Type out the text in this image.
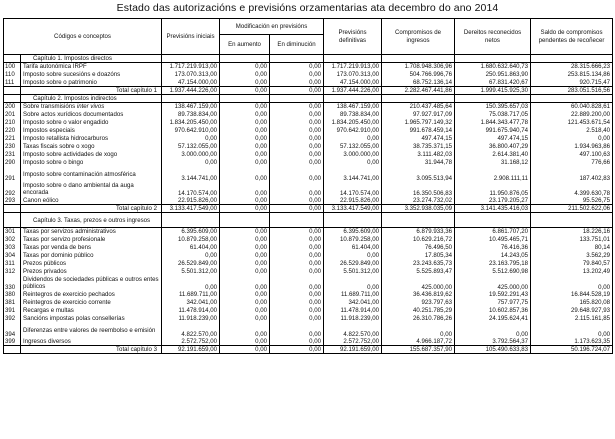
Estado das autorizacións e previsións orzamentarias ata decembro do ano 2014
Códigos e conceptos		Previsións iniciais	Modificación en previsións		Previsións definitivas	Compromisos de ingresos	Dereitos reconecidos netos	Saldo de compromisos pendentes de recoñecer
			En aumento	En diminución				
	Capítulo 1. Impostos directos							
100	Tarifa autonómica IRPF	1.717.219.913,00	0,00	0,00	1.717.219.913,00	1.708.948.306,96	1.680.632.640,73	28.315.666,23
110	Imposto sobre sucesións e doazóns	173.070.313,00	0,00	0,00	173.070.313,00	504.766.996,76	250.951.863,90	253.815.134,86
111	Imposto sobre o patrimonio	47.154.000,00	0,00	0,00	47.154.000,00	68.752.136,14	67.831.420,67	920.715,47
	Total capítulo 1	1.937.444.226,00	0,00	0,00	1.937.444.226,00	2.282.467.441,86	1.999.415.925,30	283.051.516,56
	Capítulo 2. Impostos indirectos							
200	Sobre transmisións inter vivos	138.467.159,00	0,00	0,00	138.467.159,00	210.437.485,64	150.395.657,03	60.040.828,61
201	Sobre actos xurídicos documentados	89.738.834,00	0,00	0,00	89.738.834,00	97.927.917,09	75.038.717,05	22.889.200,00
210	Imposto sobre o valor engadido	1.834.205.450,00	0,00	0,00	1.834.205.450,00	1.965.797.149,32	1.844.343.477,78	121.453.671,54
220	Impostos especiais	970.642.910,00	0,00	0,00	970.642.910,00	991.678.459,14	991.675.940,74	2.518,40
221	Imposto retallista hidrocarburos	0,00	0,00	0,00	0,00	497.474,15	497.474,15	0,00
230	Taxas fiscais sobre o xogo	57.132.055,00	0,00	0,00	57.132.055,00	38.735.371,15	36.800.407,29	1.934.963,86
231	Imposto sobre actividades de xogo	3.000.000,00	0,00	0,00	3.000.000,00	3.111.482,03	2.614.381,40	497.100,63
290	Imposto sobre o bingo	0,00	0,00	0,00	0,00	31.944,78	31.168,12	776,66
291	Imposto sobre contaminación atmosférica	3.144.741,00	0,00	0,00	3.144.741,00	3.095.513,94	2.908.111,11	187.402,83
292	Imposto sobre o dano ambiental da auga encorada	14.170.574,00	0,00	0,00	14.170.574,00	16.350.506,83	11.950.876,05	4.399.630,78
293	Canon eólico	22.915.826,00	0,00	0,00	22.915.826,00	23.274.732,02	23.179.205,27	95.526,75
	Total capítulo 2	3.133.417.549,00	0,00	0,00	3.133.417.549,00	3.352.938.035,09	3.141.435.416,03	211.502.622,06
	Capítulo 3. Taxas, prezos e outros ingresos							
301	Taxas por servizos administrativos	6.395.609,00	0,00	0,00	6.395.609,00	6.879.933,36	6.861.707,20	18.226,16
302	Taxas por servizo profesionale	10.879.258,00	0,00	0,00	10.879.258,00	10.629.216,72	10.495.465,71	133.751,01
303	Taxas por venda de bens	61.404,00	0,00	0,00	61.404,00	76.496,50	76.416,36	80,14
304	Taxas por dominio público	0,00	0,00	0,00	0,00	17.805,34	14.243,05	3.562,29
311	Prezos públicos	26.529.849,00	0,00	0,00	26.529.849,00	23.243.635,73	23.163.795,18	79.840,57
312	Prezos privados	5.501.312,00	0,00	0,00	5.501.312,00	5.525.893,47	5.512.690,98	13.202,49
330	Dividendos de sociedades públicas e outros entes públicos	0,00	0,00	0,00	0,00	425.000,00	425.000,00	0,00
380	Reintegros de exercicio pechados	11.689.711,00	0,00	0,00	11.689.711,00	36.436.819,62	19.592.291,43	16.844.528,19
381	Reintegros de exercicio corrente	342.041,00	0,00	0,00	342.041,00	923.797,63	757.977,75	165.820,08
391	Recargas e multas	11.478.914,00	0,00	0,00	11.478.914,00	40.251.785,29	10.602.857,36	29.648.927,93
392	Sancións impostas polas consellerías	11.918.239,00	0,00	0,00	11.918.239,00	26.310.786,26	24.195.624,41	2.115.161,85
394	Diferenzas entre valores de reembolso e emisión	4.822.570,00	0,00	0,00	4.822.570,00	0,00	0,00	0,00
399	Ingresos diversos	2.572.752,00	0,00	0,00	2.572.752,00	4.966.187,72	3.792.564,37	1.173.623,35
	Total capítulo 3	92.191.659,00	0,00	0,00	92.191.659,00	155.687.357,90	105.490.633,83	50.196.724,07
